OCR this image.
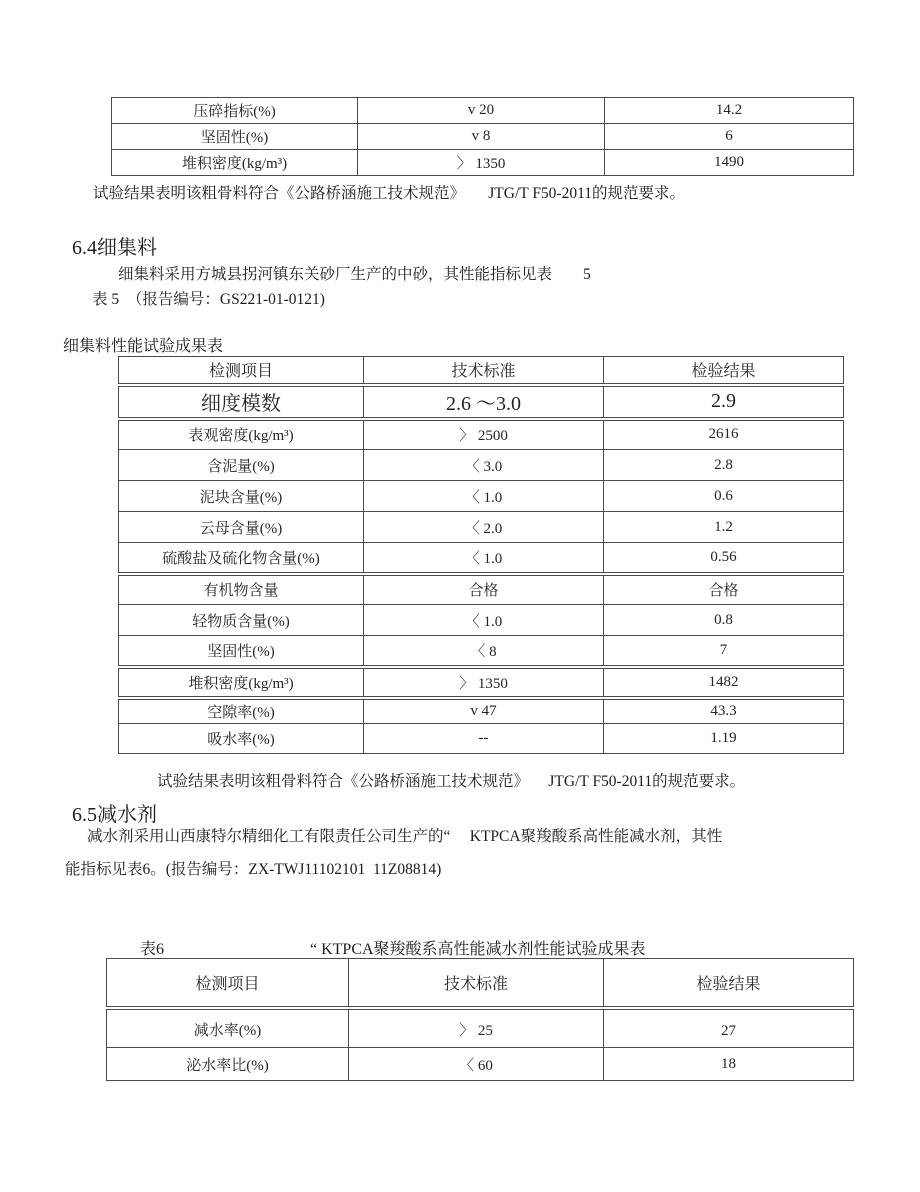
压碎指标(%)	v 20	14.2
坚固性(%)	v 8	6
堆积密度(kg/m³)	〉 1350	1490
试验结果表明该粗骨料符合《公路桥涵施工技术规范》      JTG/T F50-2011的规范要求。
6.4细集料
细集料采用方城县拐河镇东关砂厂生产的中砂，其性能指标见表        5
表 5  （报告编号：GS221-01-0121)
细集料性能试验成果表
检测项目	技术标准	检验结果
细度模数	2.6 ～3.0	2.9
表观密度(kg/m³)	〉 2500	2616
含泥量(%)	〈 3.0	2.8
泥块含量(%)	〈 1.0	0.6
云母含量(%)	〈 2.0	1.2
硫酸盐及硫化物含量(%)	〈 1.0	0.56
有机物含量	合格	合格
轻物质含量(%)	〈 1.0	0.8
坚固性(%)	〈 8	7
堆积密度(kg/m³)	〉 1350	1482
空隙率(%)	v 47	43.3
吸水率(%)	--	1.19
试验结果表明该粗骨料符合《公路桥涵施工技术规范》     JTG/T F50-2011的规范要求。
6.5减水剂
减水剂采用山西康特尔精细化工有限责任公司生产的“     KTPCA聚羧酸系高性能减水剂，其性
能指标见表6。(报告编号：ZX-TWJ11102101  11Z08814)
表6	“ KTPCA聚羧酸系高性能减水剂性能试验成果表
检测项目	技术标准	检验结果
减水率(%)	〉 25	27
泌水率比(%)	〈 60	18
